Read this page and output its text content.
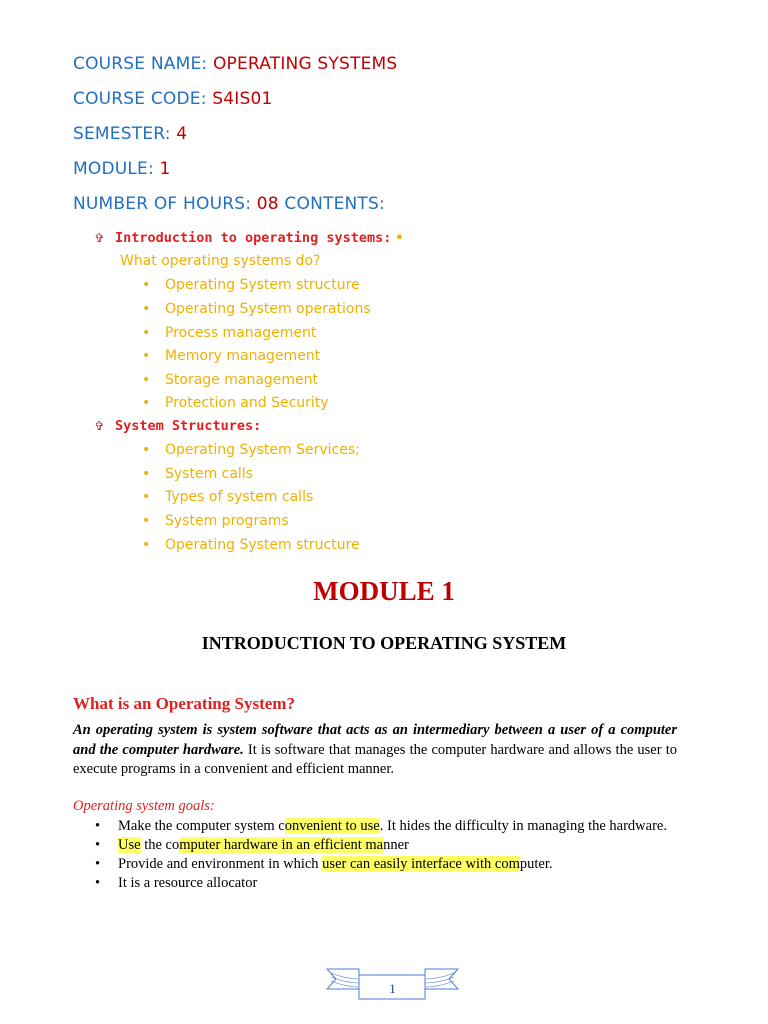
COURSE NAME: OPERATING SYSTEMS
COURSE CODE: S4IS01
SEMESTER: 4
MODULE: 1
NUMBER OF HOURS: 08 CONTENTS:
✞ Introduction to operating systems: •
What operating systems do?
• Operating System structure
• Operating System operations
• Process management
• Memory management
• Storage management
• Protection and Security
✞ System Structures:
• Operating System Services;
• System calls
• Types of system calls
• System programs
• Operating System structure
MODULE 1
INTRODUCTION TO OPERATING SYSTEM
What is an Operating System?
An operating system is system software that acts as an intermediary between a user of a computer and the computer hardware. It is software that manages the computer hardware and allows the user to execute programs in a convenient and efficient manner.
Operating system goals:
• Make the computer system convenient to use. It hides the difficulty in managing the hardware.
• Use the computer hardware in an efficient manner
• Provide and environment in which user can easily interface with computer.
• It is a resource allocator
1
